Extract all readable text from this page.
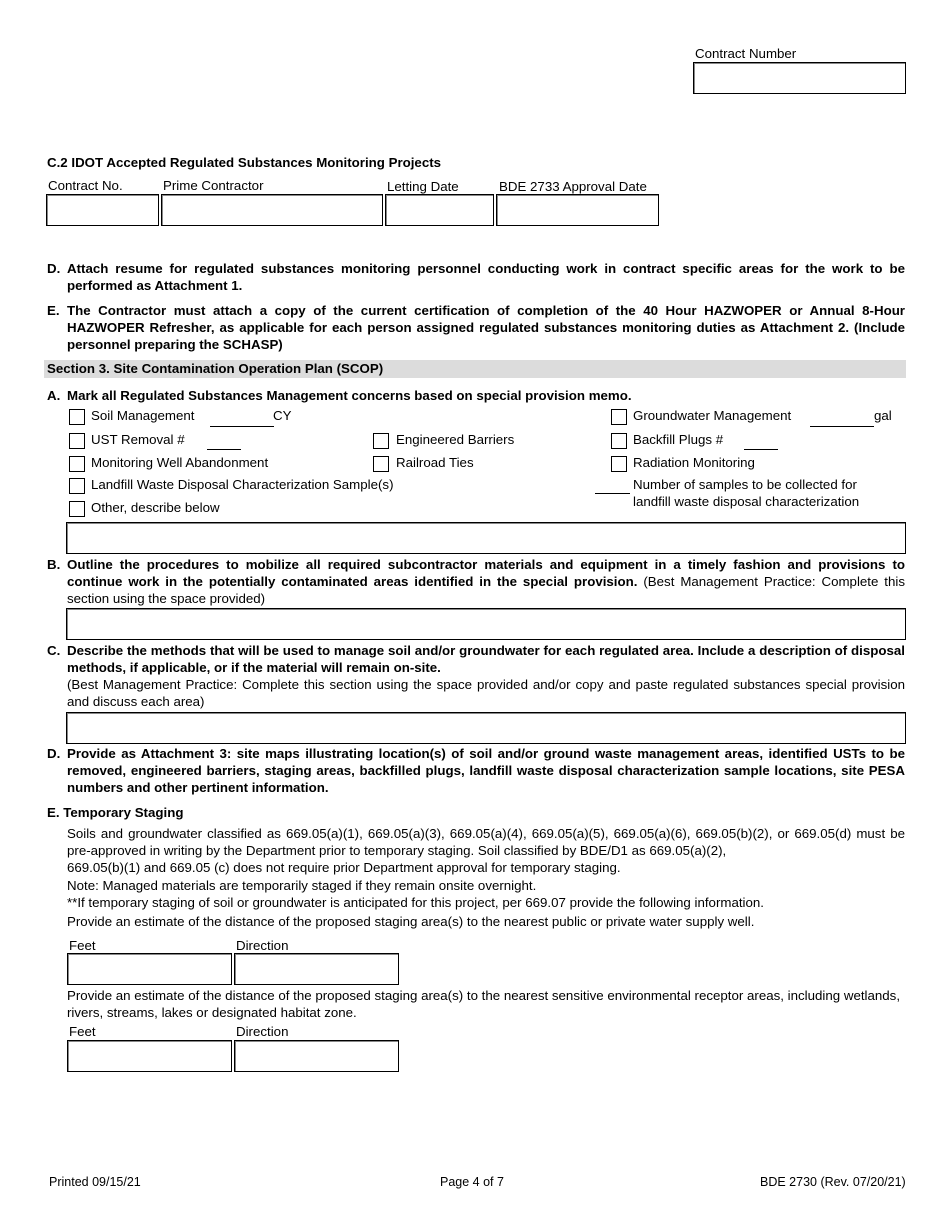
Contract Number
C.2 IDOT Accepted Regulated Substances Monitoring Projects
Contract No.	Prime Contractor	Letting Date	BDE 2733 Approval Date
D. Attach resume for regulated substances monitoring personnel conducting work in contract specific areas for the work to be performed as Attachment 1.
E. The Contractor must attach a copy of the current certification of completion of the 40 Hour HAZWOPER or Annual 8-Hour HAZWOPER Refresher, as applicable for each person assigned regulated substances monitoring duties as Attachment 2. (Include personnel preparing the SCHASP)
Section 3. Site Contamination Operation Plan (SCOP)
A. Mark all Regulated Substances Management concerns based on special provision memo.
Soil Management	CY	Groundwater Management	gal
UST Removal #	Engineered Barriers	Backfill Plugs #
Monitoring Well Abandonment	Railroad Ties	Radiation Monitoring
Landfill Waste Disposal Characterization Sample(s)	Number of samples to be collected for
landfill waste disposal characterization
Other, describe below
B. Outline the procedures to mobilize all required subcontractor materials and equipment in a timely fashion and provisions to continue work in the potentially contaminated areas identified in the special provision. (Best Management Practice: Complete this section using the space provided)
C. Describe the methods that will be used to manage soil and/or groundwater for each regulated area. Include a description of disposal methods, if applicable, or if the material will remain on-site.
(Best Management Practice: Complete this section using the space provided and/or copy and paste regulated substances special provision and discuss each area)
D. Provide as Attachment 3: site maps illustrating location(s) of soil and/or ground waste management areas, identified USTs to be removed, engineered barriers, staging areas, backfilled plugs, landfill waste disposal characterization sample locations, site PESA numbers and other pertinent information.
E. Temporary Staging
Soils and groundwater classified as 669.05(a)(1), 669.05(a)(3), 669.05(a)(4), 669.05(a)(5), 669.05(a)(6), 669.05(b)(2), or 669.05(d) must be pre-approved in writing by the Department prior to temporary staging. Soil classified by BDE/D1 as 669.05(a)(2),
669.05(b)(1) and 669.05 (c) does not require prior Department approval for temporary staging.
Note: Managed materials are temporarily staged if they remain onsite overnight.
**If temporary staging of soil or groundwater is anticipated for this project, per 669.07 provide the following information.
Provide an estimate of the distance of the proposed staging area(s) to the nearest public or private water supply well.
Feet	Direction
Provide an estimate of the distance of the proposed staging area(s) to the nearest sensitive environmental receptor areas, including wetlands, rivers, streams, lakes or designated habitat zone.
Feet	Direction
Printed 09/15/21	Page 4 of 7	BDE 2730 (Rev. 07/20/21)
